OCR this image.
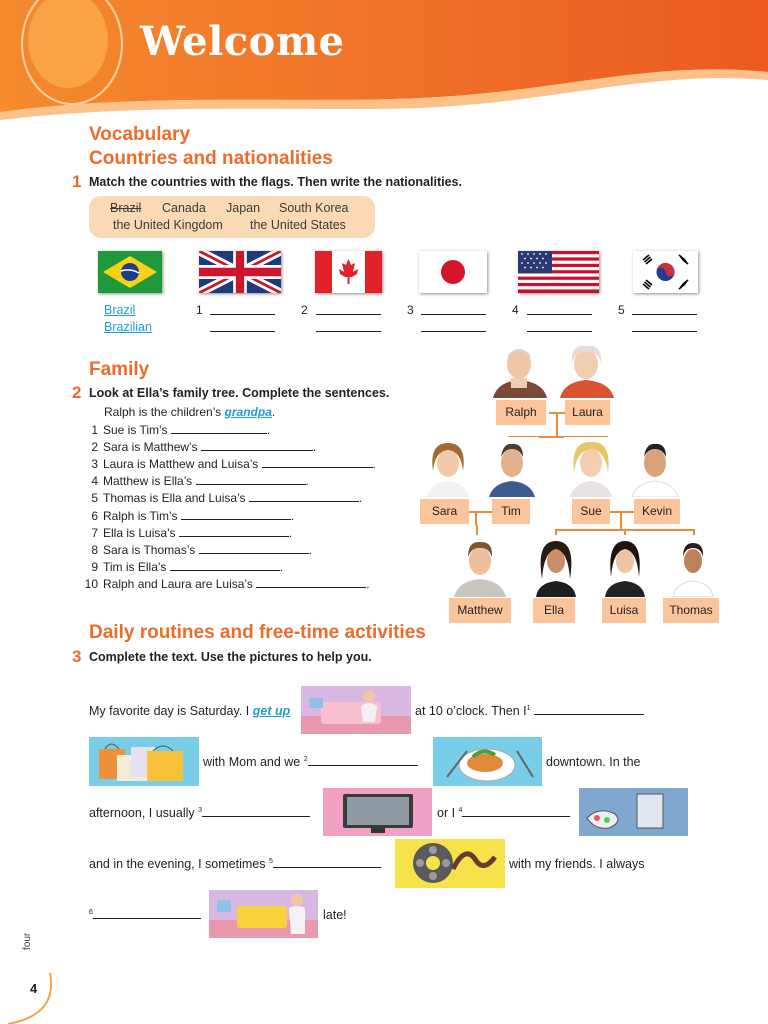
Welcome
Vocabulary
Countries and nationalities
1 Match the countries with the flags. Then write the nationalities.
Brazil Canada Japan South Korea
the United Kingdom the United States
Brazil
Brazilian
1	2	3	4	5
Family
2 Look at Ella’s family tree. Complete the sentences.
Ralph is the children’s grandpa.
1 Sue is Tim’s	.
2 Sara is Matthew’s	.
3 Laura is Matthew and Luisa’s	.
4 Matthew is Ella’s	.
5 Thomas is Ella and Luisa’s	.
6 Ralph is Tim’s	.
7 Ella is Luisa’s	.
8 Sara is Thomas’s	.
9 Tim is Ella’s	.
10 Ralph and Laura are Luisa’s	.
Ralph	Laura
Sara	Tim	Sue	Kevin
Matthew	Ella	Luisa	Thomas
Daily routines and free-time activities
3 Complete the text. Use the pictures to help you.
My favorite day is Saturday. I get up	at 10 o’clock. Then $I^1$
with Mom and we $^2$	downtown. In the
afternoon, I usually $^3$	or I $^4$
and in the evening, I sometimes $^5$	with my friends. I always
$^6$	late!
four
4
